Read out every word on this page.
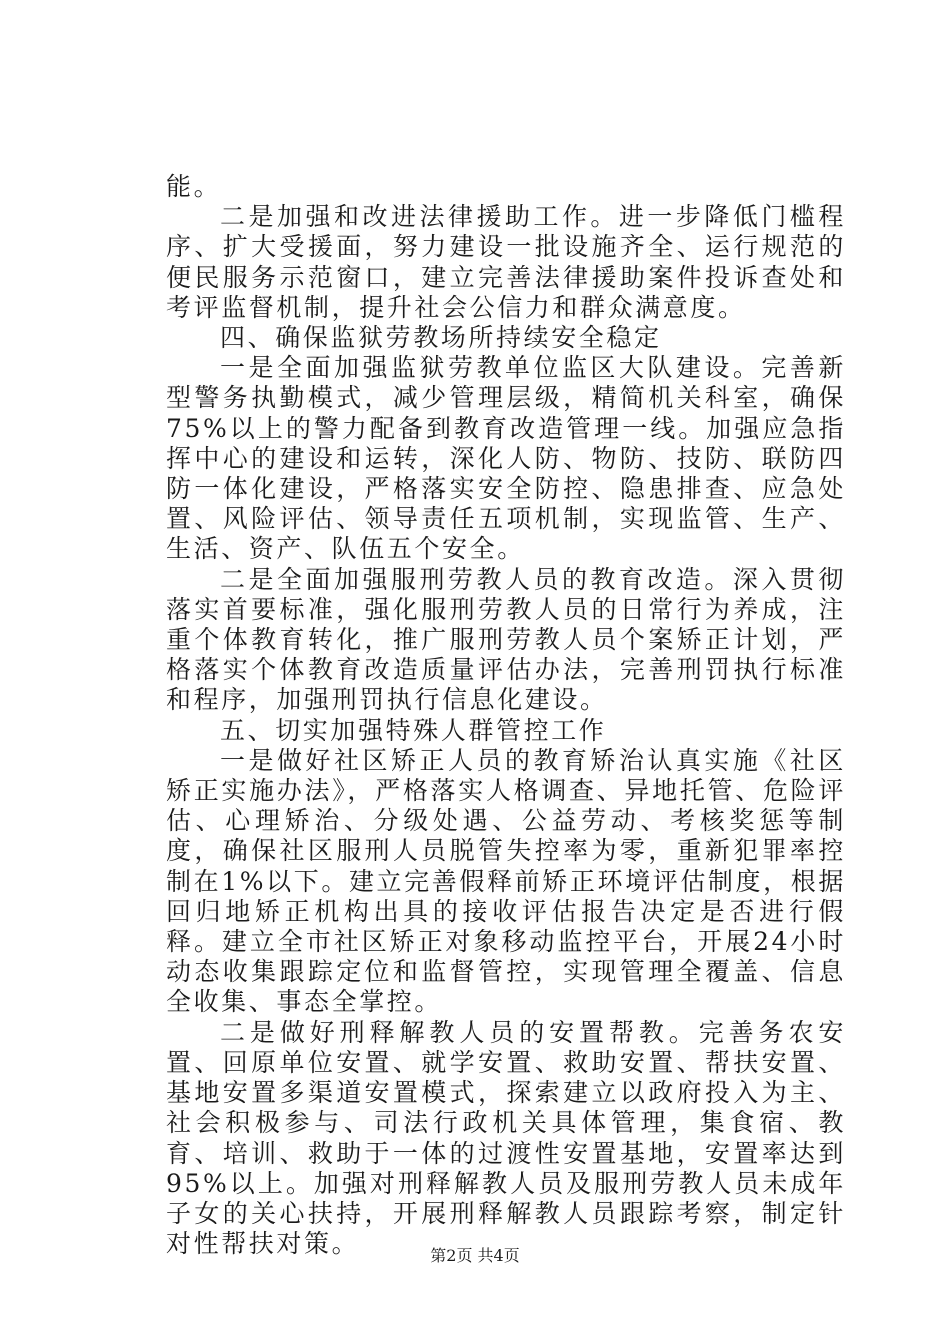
能。

二是加强和改进法律援助工作。进一步降低门槛程序、扩大受援面，努力建设一批设施齐全、运行规范的便民服务示范窗口，建立完善法律援助案件投诉查处和考评监督机制，提升社会公信力和群众满意度。

四、确保监狱劳教场所持续安全稳定

一是全面加强监狱劳教单位监区大队建设。完善新型警务执勤模式，减少管理层级，精简机关科室，确保75%以上的警力配备到教育改造管理一线。加强应急指挥中心的建设和运转，深化人防、物防、技防、联防四防一体化建设，严格落实安全防控、隐患排查、应急处置、风险评估、领导责任五项机制，实现监管、生产、生活、资产、队伍五个安全。

二是全面加强服刑劳教人员的教育改造。深入贯彻落实首要标准，强化服刑劳教人员的日常行为养成，注重个体教育转化，推广服刑劳教人员个案矫正计划，严格落实个体教育改造质量评估办法，完善刑罚执行标准和程序，加强刑罚执行信息化建设。

五、切实加强特殊人群管控工作

一是做好社区矫正人员的教育矫治认真实施《社区矫正实施办法》，严格落实人格调查、异地托管、危险评估、心理矫治、分级处遇、公益劳动、考核奖惩等制度，确保社区服刑人员脱管失控率为零，重新犯罪率控制在1%以下。建立完善假释前矫正环境评估制度，根据回归地矫正机构出具的接收评估报告决定是否进行假释。建立全市社区矫正对象移动监控平台，开展24小时动态收集跟踪定位和监督管控，实现管理全覆盖、信息全收集、事态全掌控。

二是做好刑释解教人员的安置帮教。完善务农安置、回原单位安置、就学安置、救助安置、帮扶安置、基地安置多渠道安置模式，探索建立以政府投入为主、社会积极参与、司法行政机关具体管理，集食宿、教育、培训、救助于一体的过渡性安置基地，安置率达到95%以上。加强对刑释解教人员及服刑劳教人员未成年子女的关心扶持，开展刑释解教人员跟踪考察，制定针对性帮扶对策。	第2页 共4页
